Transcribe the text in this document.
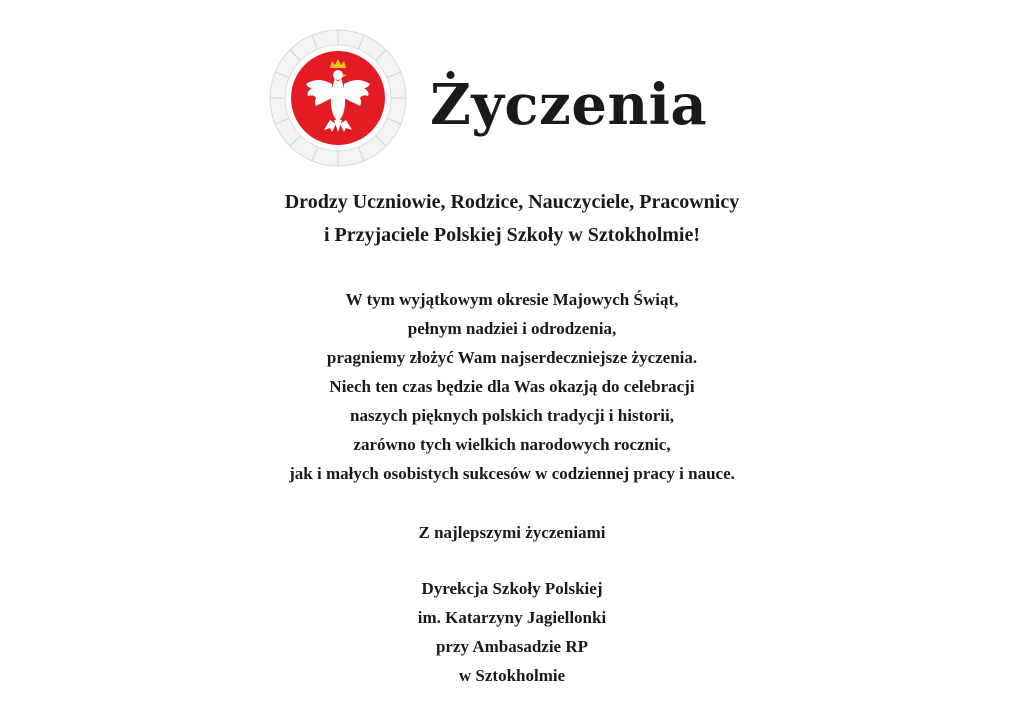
Życzenia
Drodzy Uczniowie, Rodzice, Nauczyciele, Pracownicy
i Przyjaciele Polskiej Szkoły w Sztokholmie!
W tym wyjątkowym okresie Majowych Świąt,
pełnym nadziei i odrodzenia,
pragniemy złożyć Wam najserdeczniejsze życzenia.
Niech ten czas będzie dla Was okazją do celebracji
naszych pięknych polskich tradycji i historii,
zarówno tych wielkich narodowych rocznic,
jak i małych osobistych sukcesów w codziennej pracy i nauce.
Z najlepszymi życzeniami
Dyrekcja Szkoły Polskiej
im. Katarzyny Jagiellonki
przy Ambasadzie RP
w Sztokholmie
